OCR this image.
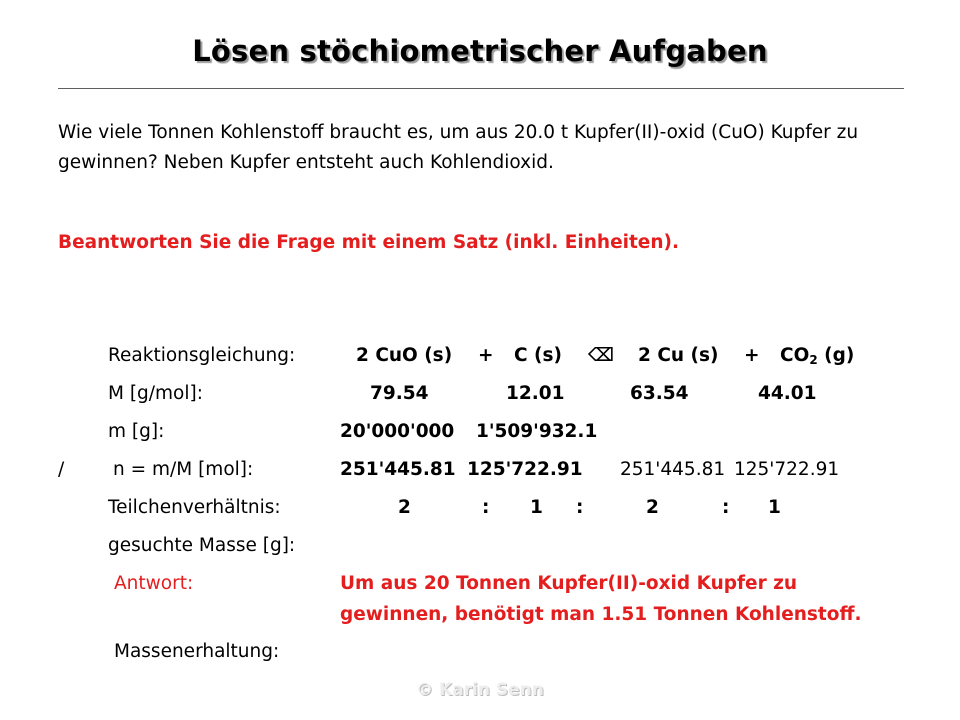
Lösen stöchiometrischer Aufgaben
Wie viele Tonnen Kohlenstoff braucht es, um aus 20.0 t Kupfer(II)-oxid (CuO) Kupfer zu gewinnen? Neben Kupfer entsteht auch Kohlendioxid.
Beantworten Sie die Frage mit einem Satz (inkl. Einheiten).
Reaktionsgleichung:	2 CuO (s) + C (s) ⌫ 2 Cu $(s) + CO_2$ (g)
M [g/mol]:	79.54	12.01	63.54	44.01
m [g]:	20'000'000 1'509'932.1
/	n = m/M [mol]:	251'445.81 125'722.91 251'445.81 125'722.91
Teilchenverhältnis:	2	: 1 :	2	: 1
gesuchte Masse [g]:
Antwort:	Um aus 20 Tonnen Kupfer(II)-oxid Kupfer zu
gewinnen, benötigt man 1.51 Tonnen Kohlenstoff.
Massenerhaltung:
© Karin Senn
